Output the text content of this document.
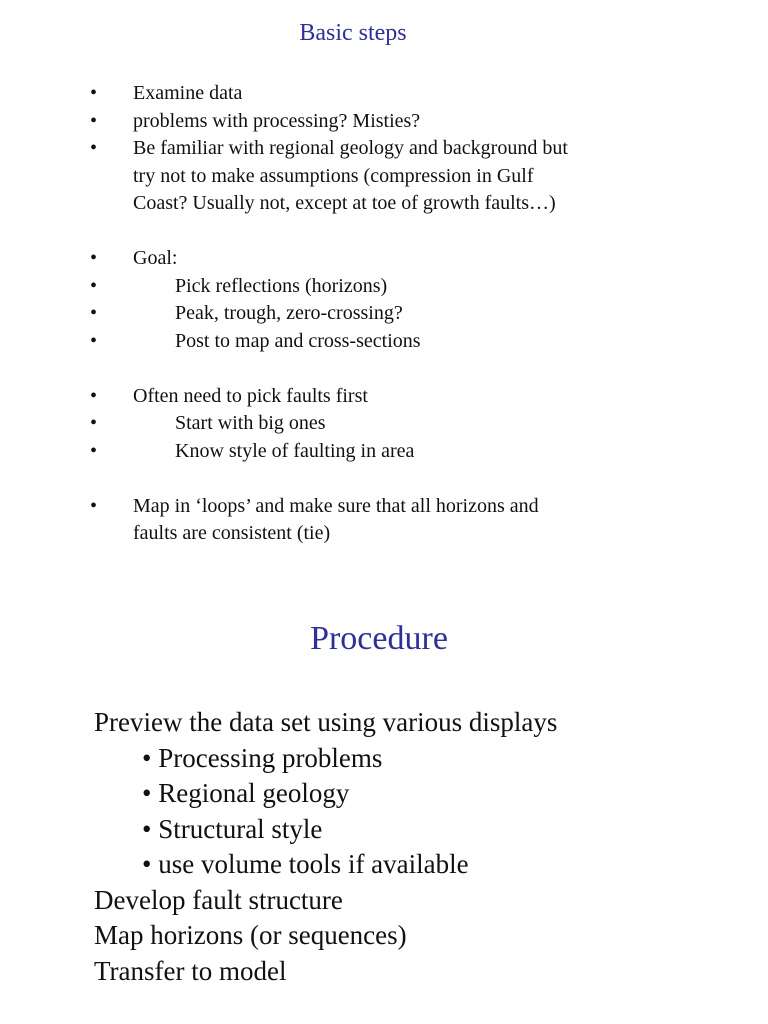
Basic steps
• Examine data
• problems with processing? Misties?
• Be familiar with regional geology and background but
try not to make assumptions (compression in Gulf
Coast? Usually not, except at toe of growth faults…)
• Goal:
•	Pick reflections (horizons)
•	Peak, trough, zero-crossing?
•	Post to map and cross-sections
• Often need to pick faults first
•	Start with big ones
•	Know style of faulting in area
• Map in ‘loops’ and make sure that all horizons and
faults are consistent (tie)
Procedure
Preview the data set using various displays
• Processing problems
• Regional geology
• Structural style
• use volume tools if available
Develop fault structure
Map horizons (or sequences)
Transfer to model
